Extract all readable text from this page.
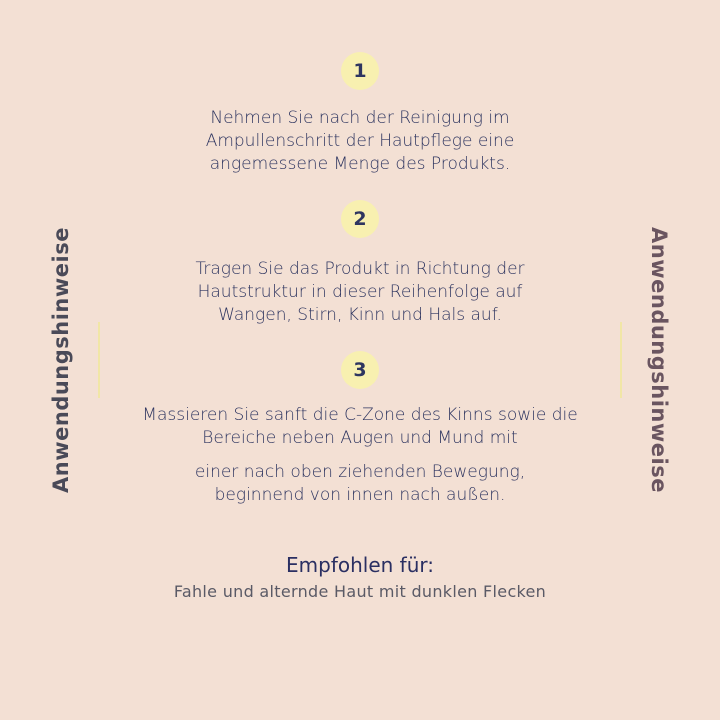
Anwendungshinweise	Anwendungshinweise
1

Nehmen Sie nach der Reinigung im

Ampullenschritt der Hautpflege eine

angemessene Menge des Produkts.

2

Tragen Sie das Produkt in Richtung der

Hautstruktur in dieser Reihenfolge auf

Wangen, Stirn, Kinn und Hals auf.

3

Massieren Sie sanft die C-Zone des Kinns sowie die

Bereiche neben Augen und Mund mit

einer nach oben ziehenden Bewegung,

beginnend von innen nach außen.

Empfohlen für:
Fahle und alternde Haut mit dunklen Flecken
